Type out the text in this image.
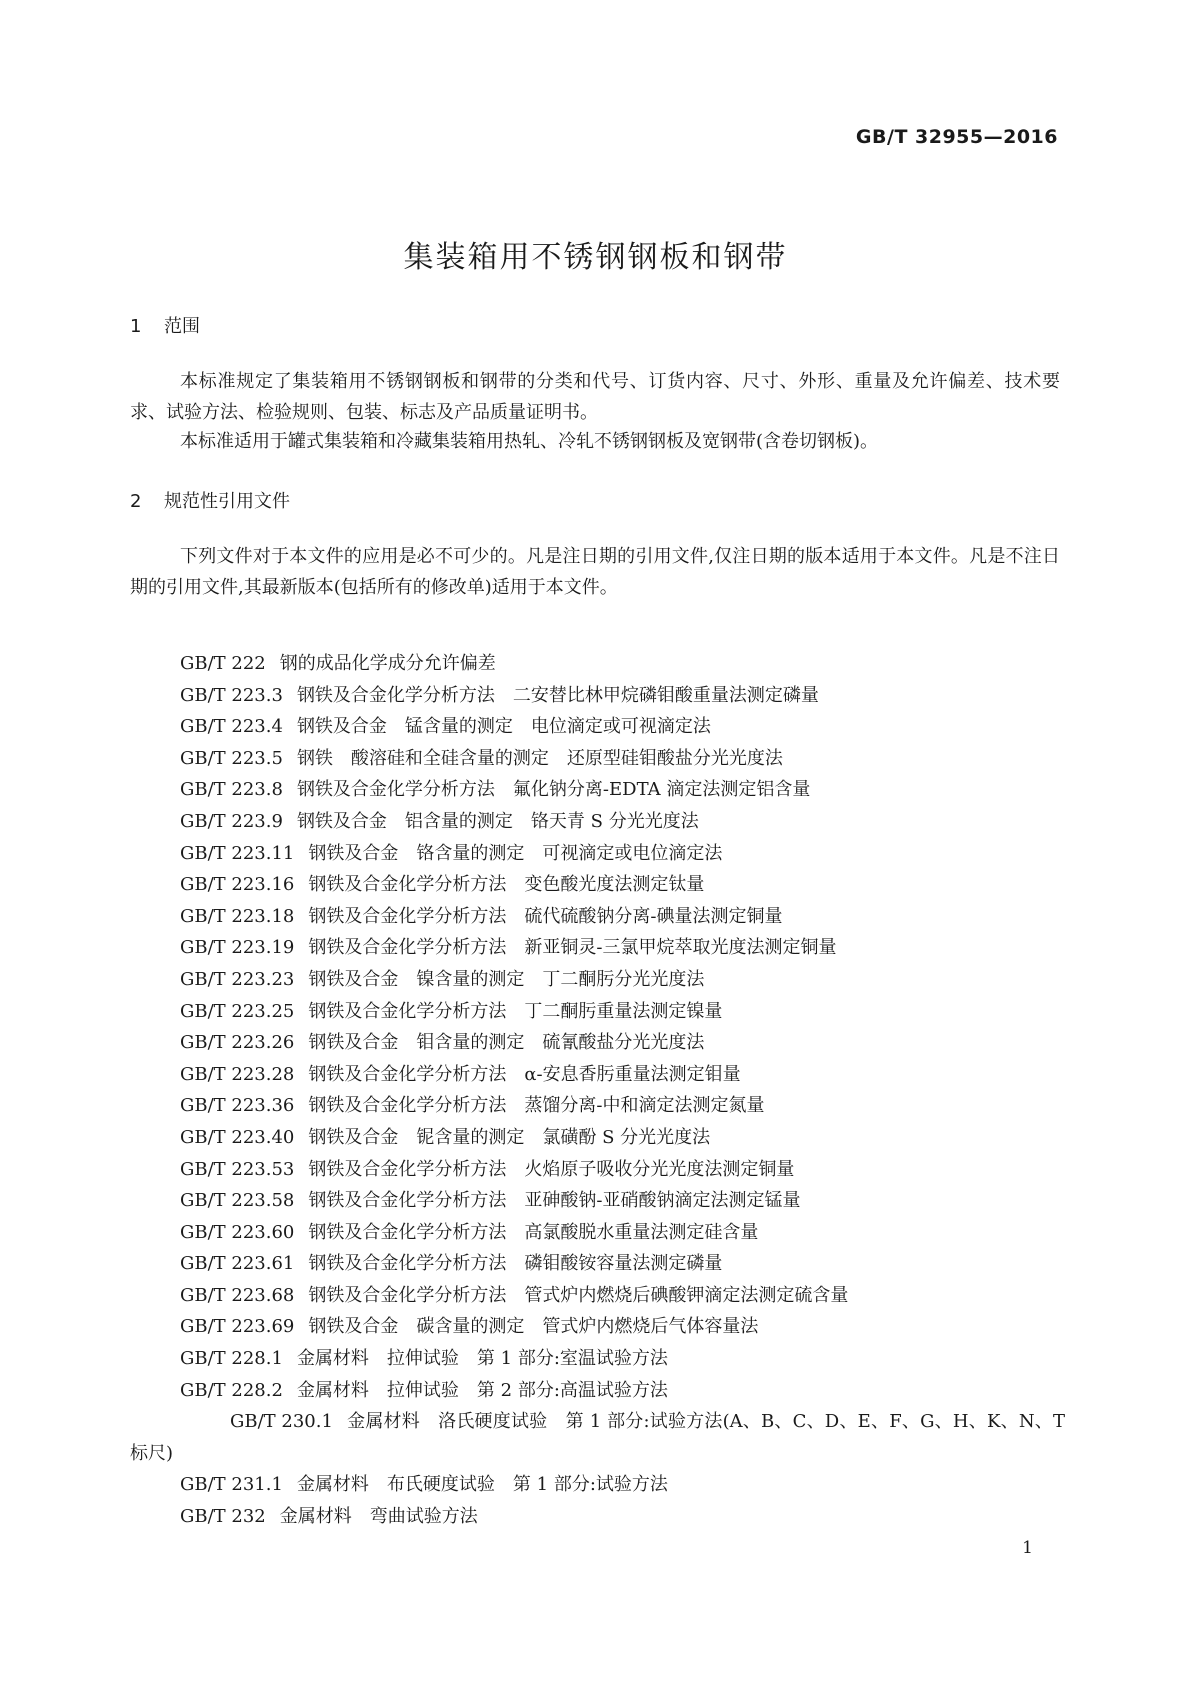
GB/T 32955—2016
集装箱用不锈钢钢板和钢带
1 范围

本标准规定了集装箱用不锈钢钢板和钢带的分类和代号、订货内容、尺寸、外形、重量及允许偏差、技术要求、试验方法、检验规则、包装、标志及产品质量证明书。

本标准适用于罐式集装箱和冷藏集装箱用热轧、冷轧不锈钢钢板及宽钢带(含卷切钢板)。

2 规范性引用文件

下列文件对于本文件的应用是必不可少的。凡是注日期的引用文件,仅注日期的版本适用于本文件。凡是不注日期的引用文件,其最新版本(包括所有的修改单)适用于本文件。

GB/T 222 钢的成品化学成分允许偏差
GB/T 223.3 钢铁及合金化学分析方法　二安替比林甲烷磷钼酸重量法测定磷量
GB/T 223.4 钢铁及合金　锰含量的测定　电位滴定或可视滴定法
GB/T 223.5 钢铁　酸溶硅和全硅含量的测定　还原型硅钼酸盐分光光度法
GB/T 223.8 钢铁及合金化学分析方法　氟化钠分离-EDTA 滴定法测定铝含量
GB/T 223.9 钢铁及合金　铝含量的测定　铬天青 S 分光光度法
GB/T 223.11 钢铁及合金　铬含量的测定　可视滴定或电位滴定法
GB/T 223.16 钢铁及合金化学分析方法　变色酸光度法测定钛量
GB/T 223.18 钢铁及合金化学分析方法　硫代硫酸钠分离-碘量法测定铜量
GB/T 223.19 钢铁及合金化学分析方法　新亚铜灵-三氯甲烷萃取光度法测定铜量
GB/T 223.23 钢铁及合金　镍含量的测定　丁二酮肟分光光度法
GB/T 223.25 钢铁及合金化学分析方法　丁二酮肟重量法测定镍量
GB/T 223.26 钢铁及合金　钼含量的测定　硫氰酸盐分光光度法
GB/T 223.28 钢铁及合金化学分析方法　α-安息香肟重量法测定钼量
GB/T 223.36 钢铁及合金化学分析方法　蒸馏分离-中和滴定法测定氮量
GB/T 223.40 钢铁及合金　铌含量的测定　氯磺酚 S 分光光度法
GB/T 223.53 钢铁及合金化学分析方法　火焰原子吸收分光光度法测定铜量
GB/T 223.58 钢铁及合金化学分析方法　亚砷酸钠-亚硝酸钠滴定法测定锰量
GB/T 223.60 钢铁及合金化学分析方法　高氯酸脱水重量法测定硅含量
GB/T 223.61 钢铁及合金化学分析方法　磷钼酸铵容量法测定磷量
GB/T 223.68 钢铁及合金化学分析方法　管式炉内燃烧后碘酸钾滴定法测定硫含量
GB/T 223.69 钢铁及合金　碳含量的测定　管式炉内燃烧后气体容量法
GB/T 228.1 金属材料　拉伸试验　第 1 部分:室温试验方法
GB/T 228.2 金属材料　拉伸试验　第 2 部分:高温试验方法
GB/T 230.1 金属材料　洛氏硬度试验　第 1 部分:试验方法(A、B、C、D、E、F、G、H、K、N、T 标尺)
GB/T 231.1 金属材料　布氏硬度试验　第 1 部分:试验方法
GB/T 232 金属材料　弯曲试验方法
1
